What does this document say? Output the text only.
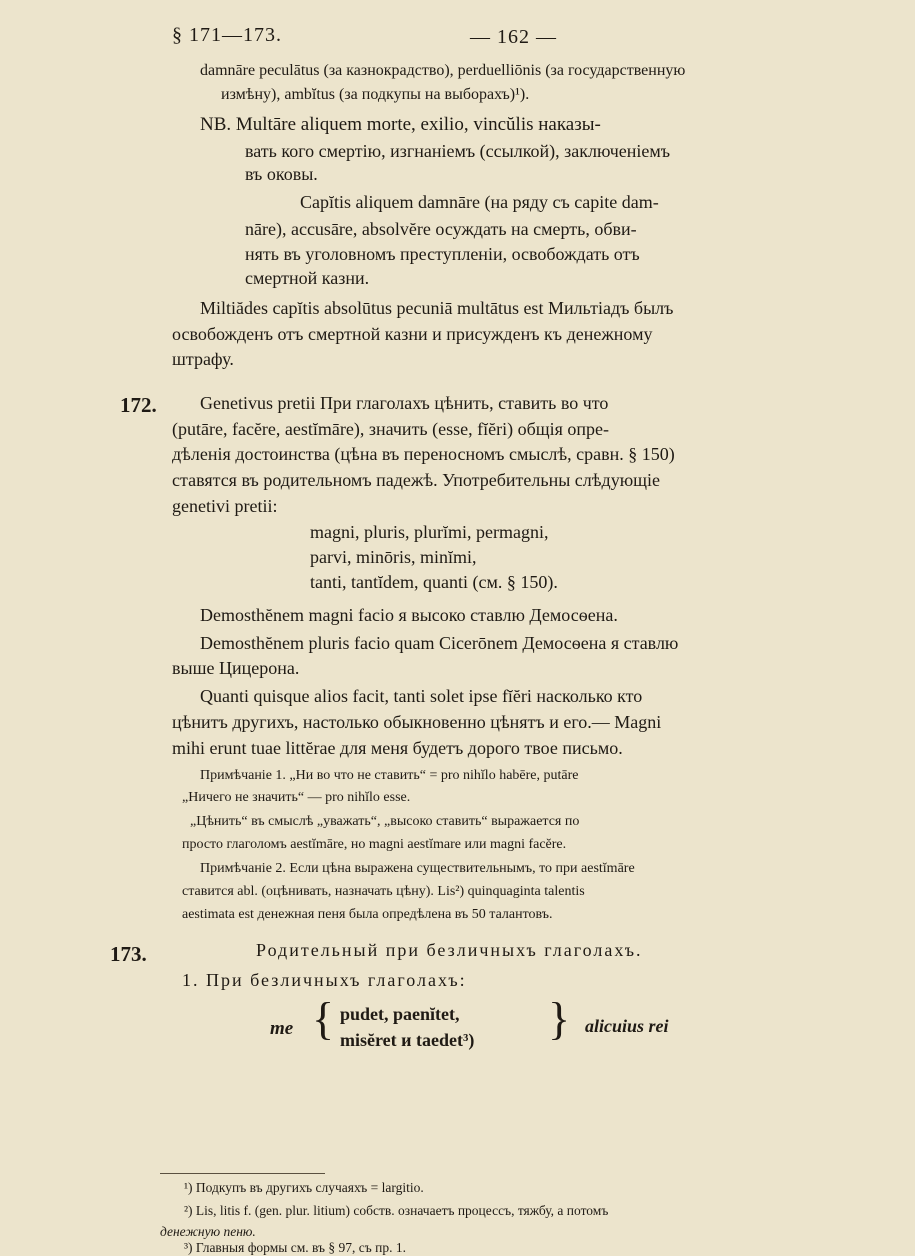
§ 171—173.	— 162 —
damnāre peculātus (за казнокрадство), perduelliōnis (за государственную
измѣну), ambĭtus (за подкупы на выборахъ)¹).
NB. Multāre aliquem morte, exilio, vincŭlis наказы-
вать кого смертію, изгнаніемъ (ссылкой), заключеніемъ
въ оковы.
Capĭtis aliquem damnāre (на ряду съ capite dam-
nāre), accusāre, absolvĕre осуждать на смерть, обви-
нять въ уголовномъ преступленіи, освобождать отъ
смертной казни.
Miltiădes capĭtis absolūtus pecuniā multātus est Мильтіадъ былъ
освобожденъ отъ смертной казни и присужденъ къ денежному
штрафу.
172. Genetivus pretii При глаголахъ цѣнить, ставить во что
(putāre, facĕre, aestĭmāre), значить (esse, fĭĕri) общія опре-
дѣленія достоинства (цѣна въ переносномъ смыслѣ, сравн. § 150)
ставятся въ родительномъ падежѣ. Употребительны слѣдующіе
genetivi pretii:
magni, pluris, plurĭmi, permagni,
parvi, minōris, minĭmi,
tanti, tantĭdem, quanti (см. § 150).
Demosthĕnem magni facio я высоко ставлю Демосѳена.
Demosthĕnem pluris facio quam Cicerōnem Демосѳена я ставлю
выше Цицерона.
Quanti quisque alios facit, tanti solet ipse fĭĕri насколько кто
цѣнитъ другихъ, настолько обыкновенно цѣнятъ и его.— Magni
mihi erunt tuae littĕrae для меня будетъ дорого твое письмо.
Примѣчаніе 1. „Ни во что не ставить“ = pro nihĭlo habēre, putāre
„Ничего не значить“ — pro nihĭlo esse.
„Цѣнить“ въ смыслѣ „уважать“, „высоко ставить“ выражается по
просто глаголомъ aestĭmāre, но magni aestĭmare или magni facĕre.
Примѣчаніе 2. Если цѣна выражена существительнымъ, то при aestĭmāre
ставится abl. (оцѣнивать, назначать цѣну). Lis²) quinquaginta talentis
aestimata est денежная пеня была опредѣлена въ 50 талантовъ.
173.	Родительный при безличныхъ глаголахъ.
1. При безличныхъ глаголахъ:
me { pudet, paenĭtet,
misĕret и taedet³) } alicuius rei
¹) Подкупъ въ другихъ случаяхъ = largitio.
²) Lis, litis f. (gen. plur. litium) собств. означаетъ процессъ, тяжбу, а потомъ
денежную пеню.
³) Главныя формы см. въ § 97, съ пр. 1.
